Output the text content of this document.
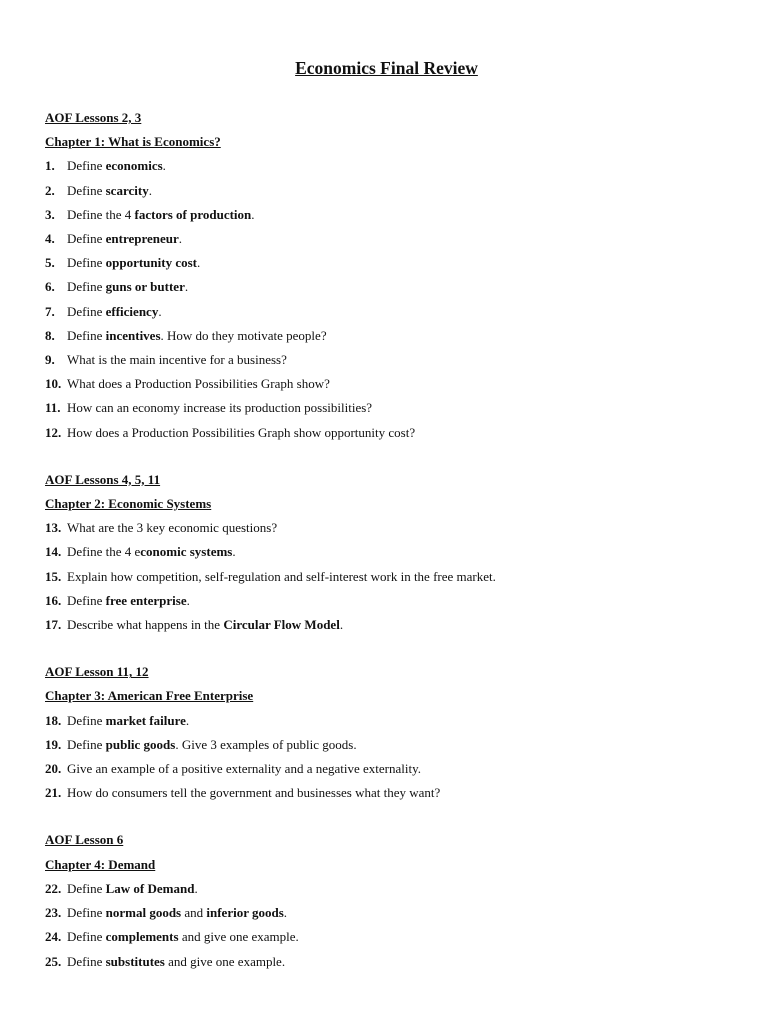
Economics Final Review

AOF Lessons 2, 3

Chapter 1: What is Economics?

1. Define economics.
2. Define scarcity.
3. Define the 4 factors of production.
4. Define entrepreneur.
5. Define opportunity cost.
6. Define guns or butter.
7. Define efficiency.
8. Define incentives. How do they motivate people?
9. What is the main incentive for a business?
10. What does a Production Possibilities Graph show?
11. How can an economy increase its production possibilities?
12. How does a Production Possibilities Graph show opportunity cost?

AOF Lessons 4, 5, 11

Chapter 2: Economic Systems

13. What are the 3 key economic questions?
14. Define the 4 economic systems.
15. Explain how competition, self-regulation and self-interest work in the free market.
16. Define free enterprise.
17. Describe what happens in the Circular Flow Model.

AOF Lesson 11, 12

Chapter 3: American Free Enterprise

18. Define market failure.
19. Define public goods. Give 3 examples of public goods.
20. Give an example of a positive externality and a negative externality.
21. How do consumers tell the government and businesses what they want?

AOF Lesson 6

Chapter 4: Demand

22. Define Law of Demand.
23. Define normal goods and inferior goods.
24. Define complements and give one example.
25. Define substitutes and give one example.
